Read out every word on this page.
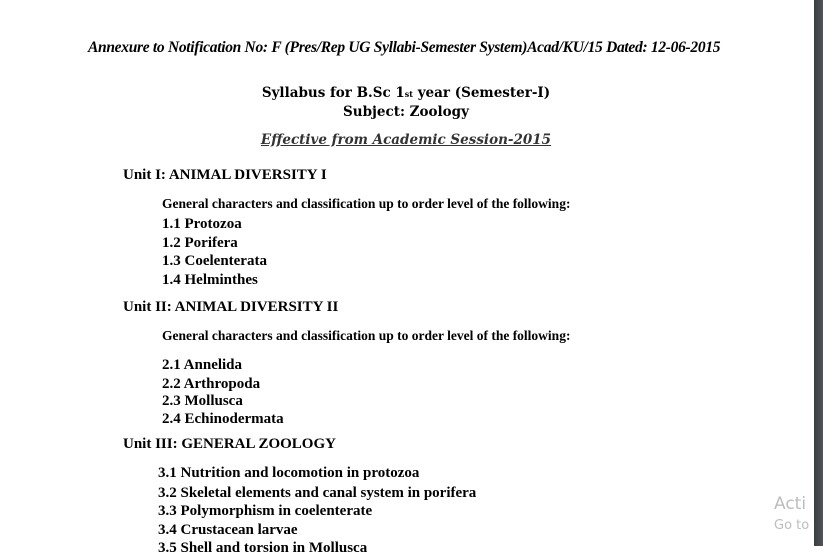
Annexure to Notification No: F (Pres/Rep UG Syllabi-Semester System)Acad/KU/15 Dated: 12-06-2015
Syllabus for B.Sc 1st year (Semester-I)
Subject: Zoology
Effective from Academic Session-2015
Unit I: ANIMAL DIVERSITY I
General characters and classification up to order level of the following:
1.1 Protozoa
1.2 Porifera
1.3 Coelenterata
1.4 Helminthes
Unit II: ANIMAL DIVERSITY II
General characters and classification up to order level of the following:
2.1 Annelida
2.2 Arthropoda
2.3 Mollusca
2.4 Echinodermata
Unit III: GENERAL ZOOLOGY
3.1 Nutrition and locomotion in protozoa
3.2 Skeletal elements and canal system in porifera
3.3 Polymorphism in coelenterate
3.4 Crustacean larvae
3.5 Shell and torsion in Mollusca
Acti
Go to
